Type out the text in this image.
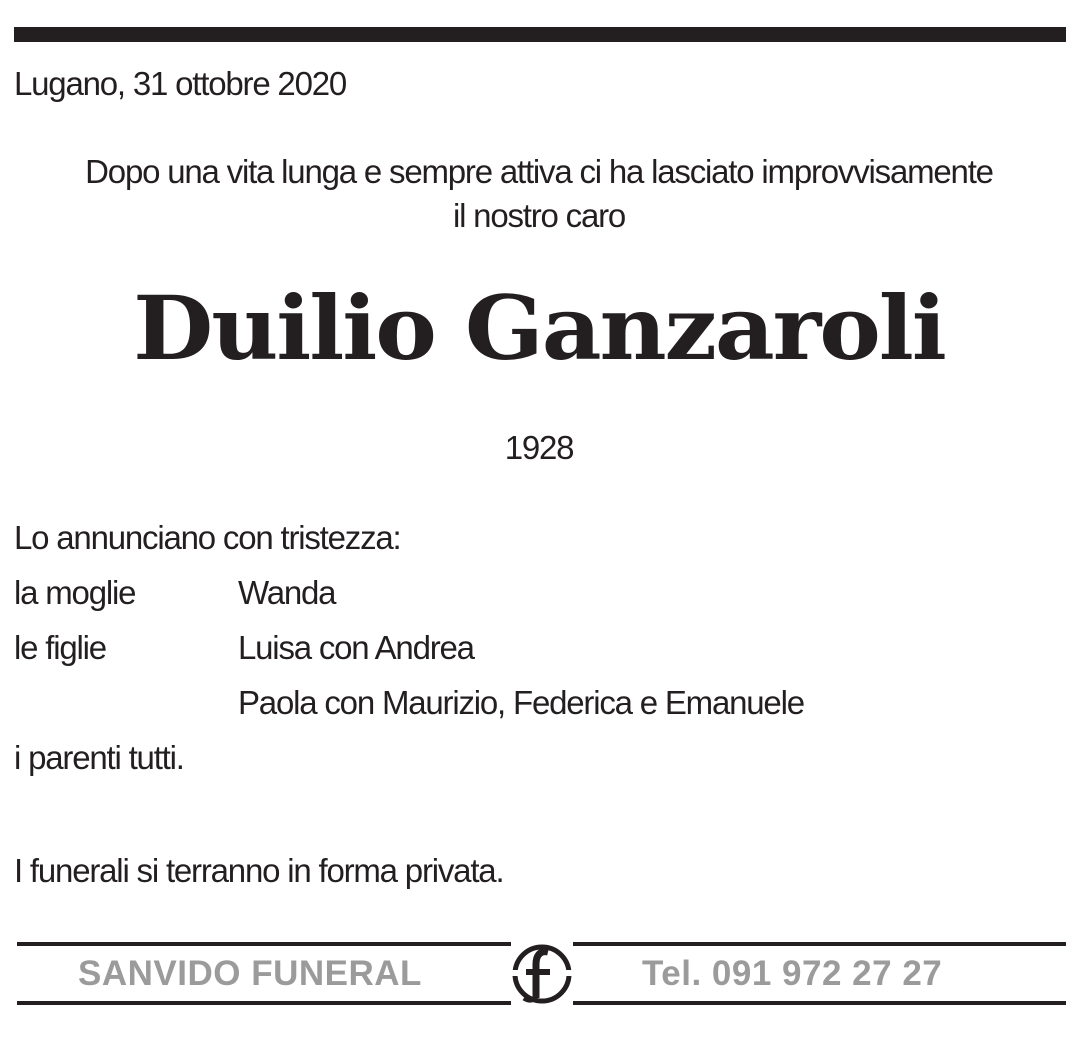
Lugano, 31 ottobre 2020
Dopo una vita lunga e sempre attiva ci ha lasciato improvvisamente
il nostro caro
Duilio Ganzaroli
1928
Lo annunciano con tristezza:
la moglie	Wanda
le figlie	Luisa con Andrea
Paola con Maurizio, Federica e Emanuele
i parenti tutti.
I funerali si terranno in forma privata.
SANVIDO FUNERAL	Tel. 091 972 27 27
